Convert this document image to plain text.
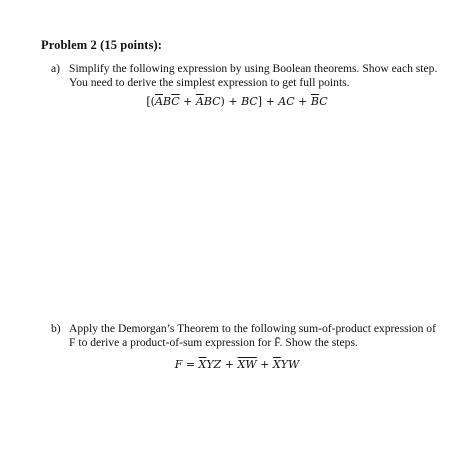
Problem 2 (15 points):
a) Simplify the following expression by using Boolean theorems. Show each step. You need to derive the simplest expression to get full points.
$[(\overline{A}B\overline{C} + \overline{A}BC) + BC]$ + AC + $\overline{B}C$
b) Apply the Demorgan’s Theorem to the following sum-of-product expression of F to derive a product-of-sum expression for F̄. Show the steps.
$F = \overline{X}YZ + \overline{X}\overline{W} + \overline{X}YW$
